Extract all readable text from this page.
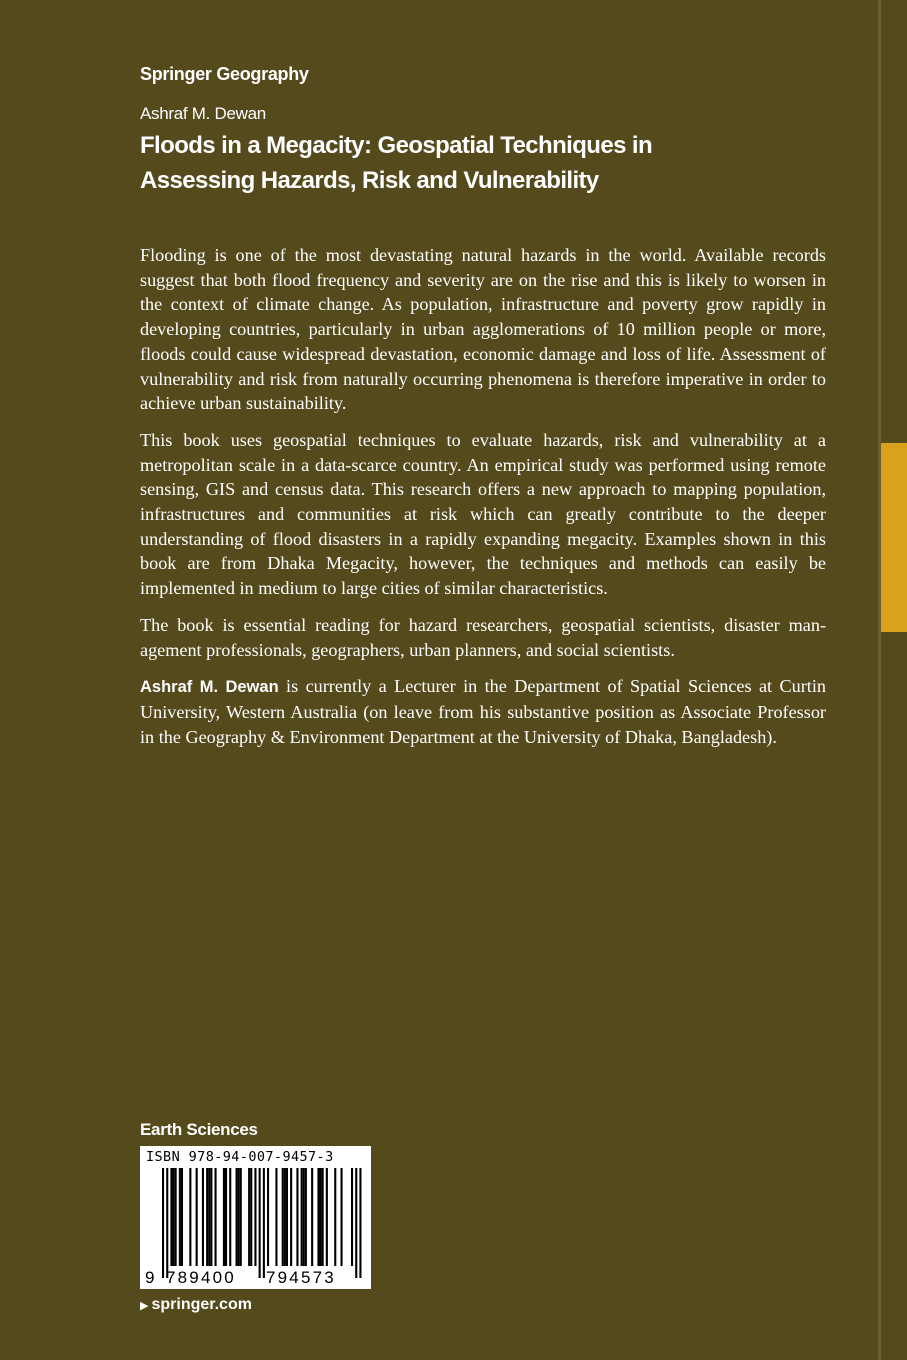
Springer Geography
Ashraf M. Dewan
Floods in a Megacity: Geospatial Techniques in
Assessing Hazards, Risk and Vulnerability

Flooding is one of the most devastating natural hazards in the world. Available records suggest that both flood frequency and severity are on the rise and this is likely to worsen in the context of climate change. As population, infrastructure and poverty grow rapidly in developing countries, particularly in urban agglomerations of 10 million people or more, floods could cause widespread devastation, economic damage and loss of life. Assessment of vulnerability and risk from naturally occurring phenomena is therefore imperative in order to achieve urban sustainability.

This book uses geospatial techniques to evaluate hazards, risk and vulnerability at a metropolitan scale in a data-scarce country. An empirical study was performed using remote sensing, GIS and census data. This research offers a new approach to mapping population, infrastructures and communities at risk which can greatly contribute to the deeper understanding of flood disasters in a rapidly expanding megacity. Examples shown in this book are from Dhaka Megacity, however, the techniques and methods can easily be implemented in medium to large cities of similar characteristics.

The book is essential reading for hazard researchers, geospatial scientists, disaster management professionals, geographers, urban planners, and social scientists.

Ashraf M. Dewan is currently a Lecturer in the Department of Spatial Sciences at Curtin University, Western Australia (on leave from his substantive position as Associate Professor in the Geography & Environment Department at the University of Dhaka, Bangladesh).

Earth Sciences
ISBN 978-94-007-9457-3
9 789400 794573
▶ springer.com
